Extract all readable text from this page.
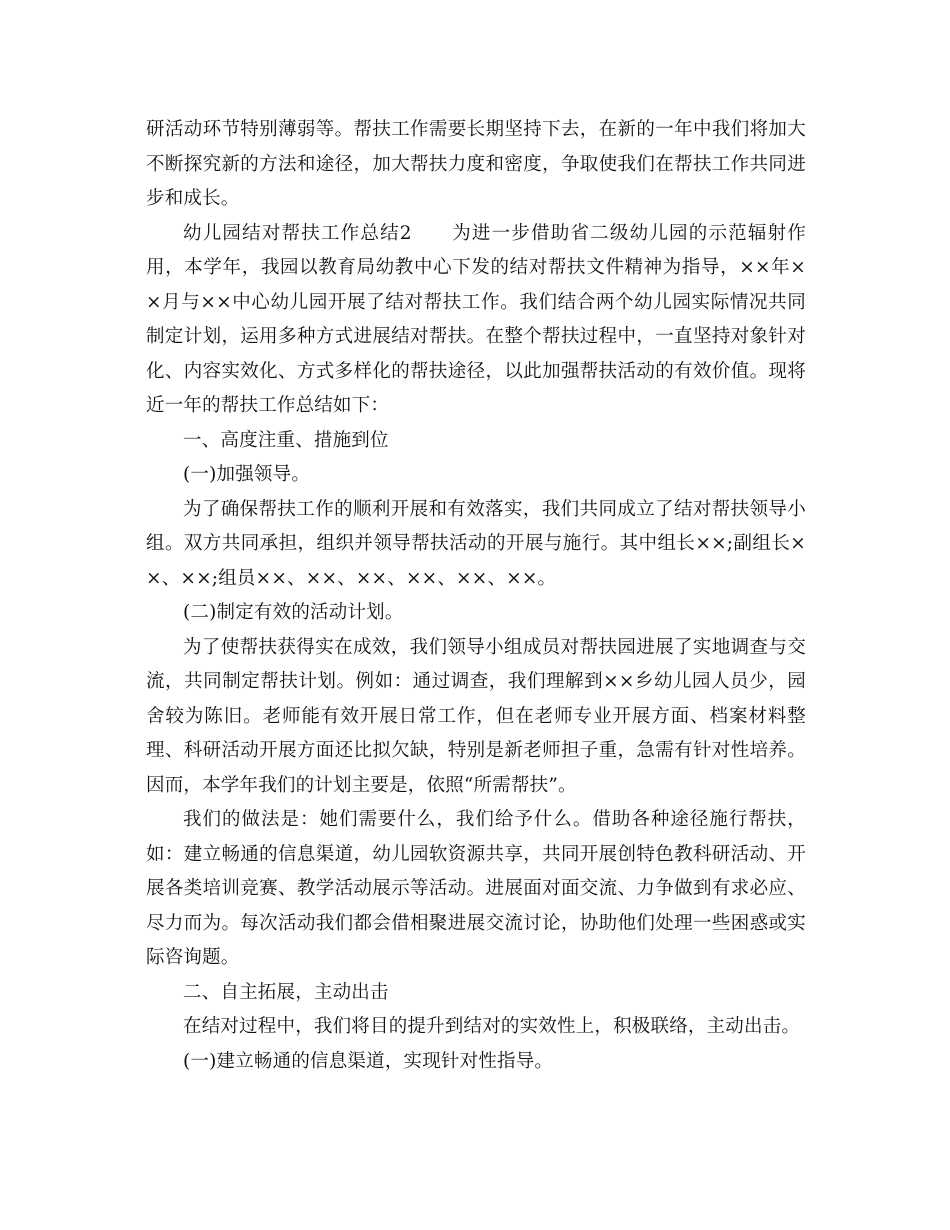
研活动环节特别薄弱等。帮扶工作需要长期坚持下去，在新的一年中我们将加大不断探究新的方法和途径，加大帮扶力度和密度，争取使我们在帮扶工作共同进步和成长。

幼儿园结对帮扶工作总结2　　为进一步借助省二级幼儿园的示范辐射作用，本学年，我园以教育局幼教中心下发的结对帮扶文件精神为指导，××年××月与××中心幼儿园开展了结对帮扶工作。我们结合两个幼儿园实际情况共同制定计划，运用多种方式进展结对帮扶。在整个帮扶过程中，一直坚持对象针对化、内容实效化、方式多样化的帮扶途径，以此加强帮扶活动的有效价值。现将近一年的帮扶工作总结如下：

一、高度注重、措施到位

(一)加强领导。

为了确保帮扶工作的顺利开展和有效落实，我们共同成立了结对帮扶领导小组。双方共同承担，组织并领导帮扶活动的开展与施行。其中组长××;副组长××、××;组员××、××、××、××、××、××。

(二)制定有效的活动计划。

为了使帮扶获得实在成效，我们领导小组成员对帮扶园进展了实地调查与交流，共同制定帮扶计划。例如：通过调查，我们理解到××乡幼儿园人员少，园舍较为陈旧。老师能有效开展日常工作，但在老师专业开展方面、档案材料整理、科研活动开展方面还比拟欠缺，特别是新老师担子重，急需有针对性培养。因而，本学年我们的计划主要是，依照“所需帮扶”。

我们的做法是：她们需要什么，我们给予什么。借助各种途径施行帮扶，如：建立畅通的信息渠道，幼儿园软资源共享，共同开展创特色教科研活动、开展各类培训竞赛、教学活动展示等活动。进展面对面交流、力争做到有求必应、尽力而为。每次活动我们都会借相聚进展交流讨论，协助他们处理一些困惑或实际咨询题。

二、自主拓展，主动出击

在结对过程中，我们将目的提升到结对的实效性上，积极联络，主动出击。

(一)建立畅通的信息渠道，实现针对性指导。
